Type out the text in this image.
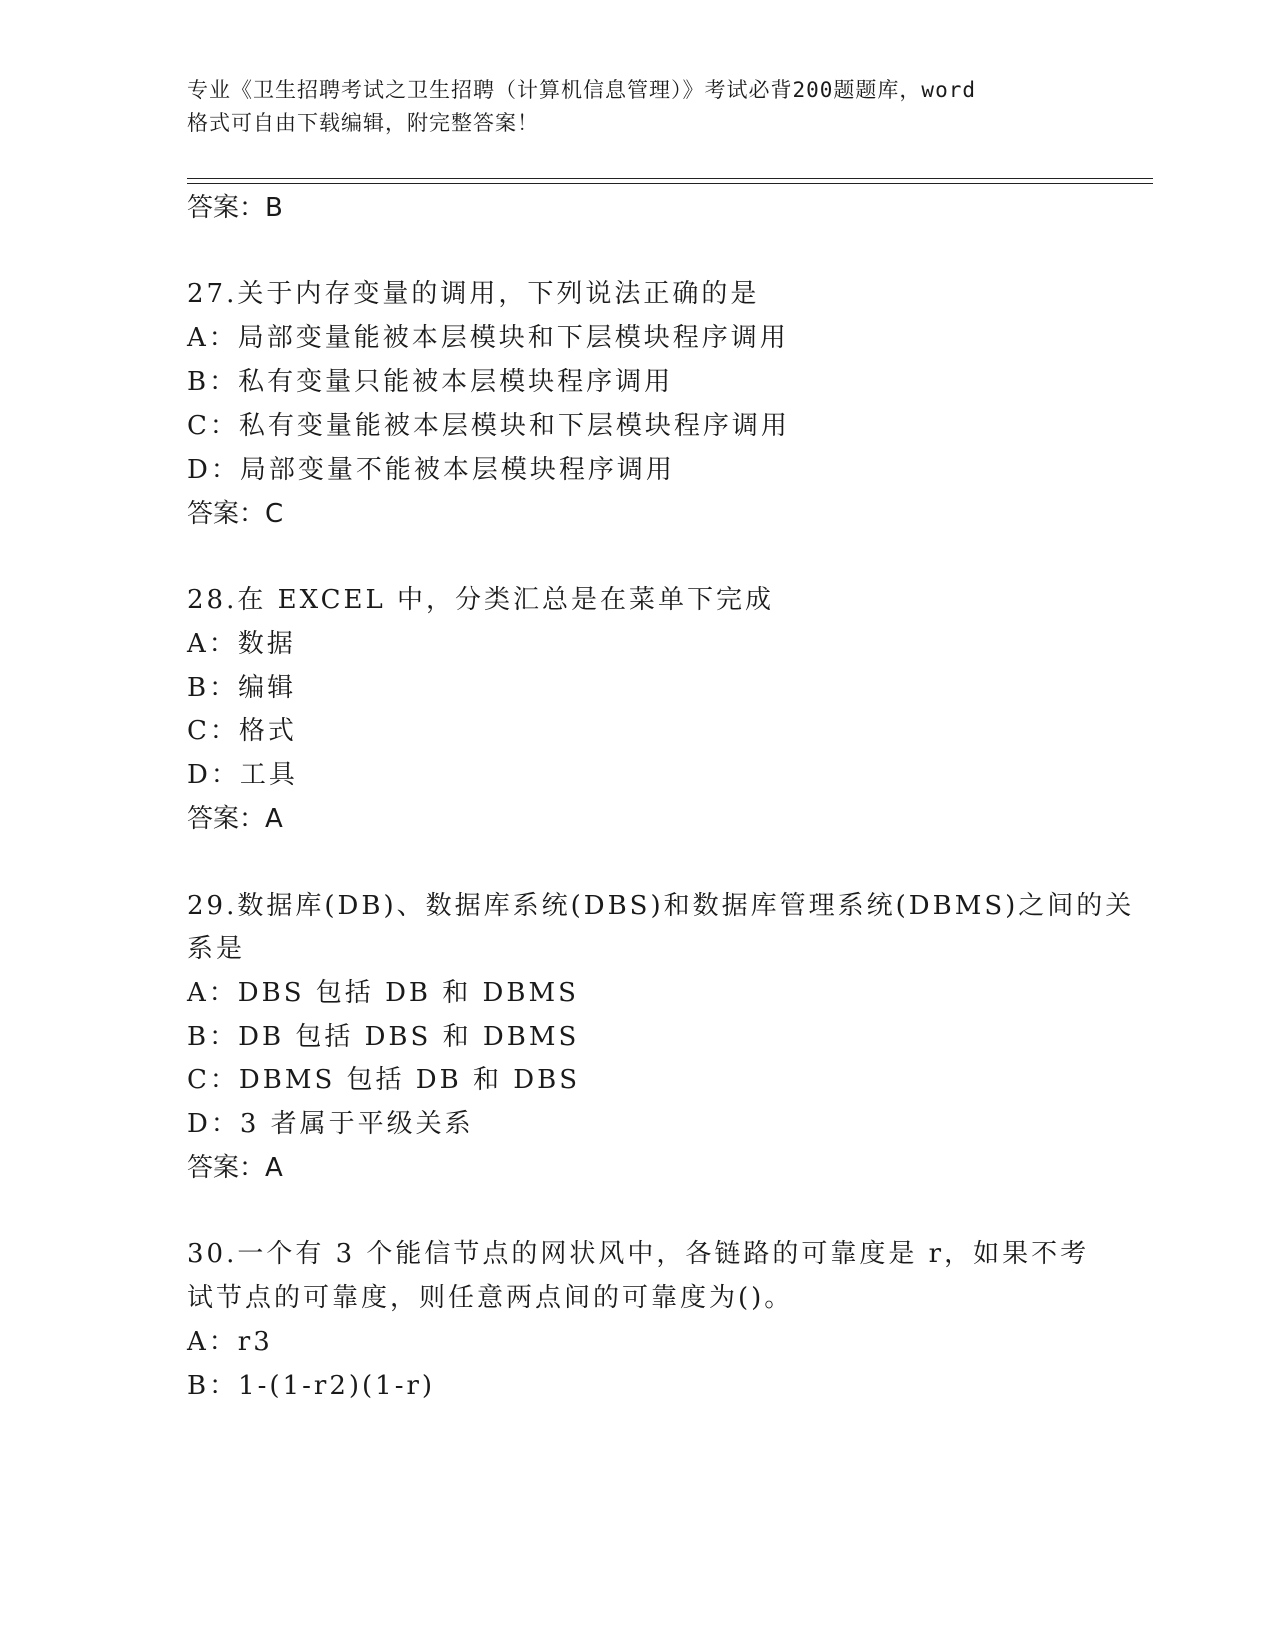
专业《卫生招聘考试之卫生招聘（计算机信息管理）》考试必背200题题库，word
格式可自由下载编辑，附完整答案！
答案：B
27.关于内存变量的调用，下列说法正确的是
A：局部变量能被本层模块和下层模块程序调用
B：私有变量只能被本层模块程序调用
C：私有变量能被本层模块和下层模块程序调用
D：局部变量不能被本层模块程序调用
答案：C
28.在 EXCEL 中，分类汇总是在菜单下完成
A：数据
B：编辑
C：格式
D：工具
答案：A
29.数据库(DB)、数据库系统(DBS)和数据库管理系统(DBMS)之间的关
系是
A：DBS 包括 DB 和 DBMS
B：DB 包括 DBS 和 DBMS
C：DBMS 包括 DB 和 DBS
D：3 者属于平级关系
答案：A
30.一个有 3 个能信节点的网状风中，各链路的可靠度是 r，如果不考
试节点的可靠度，则任意两点间的可靠度为()。
A：r3
B：1-(1-r2)(1-r)
